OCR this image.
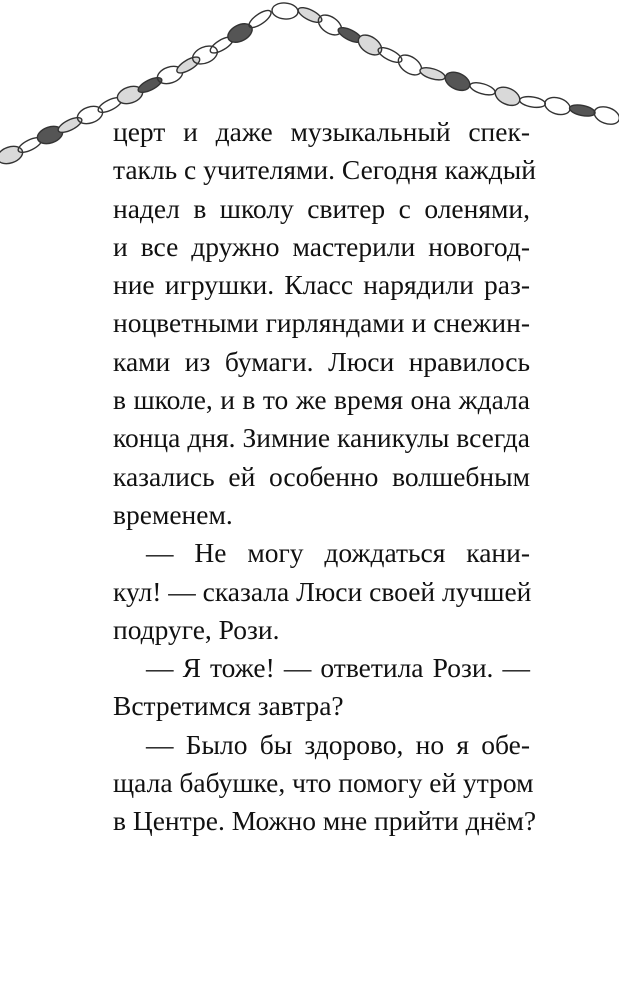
церт и даже музыкальный спек-
такль с учителями. Сегодня каждый
надел в школу свитер с оленями,
и все дружно мастерили новогод-
ние игрушки. Класс нарядили раз-
ноцветными гирляндами и снежин-
ками из бумаги. Люси нравилось
в школе, и в то же время она ждала
конца дня. Зимние каникулы всегда
казались ей особенно волшебным
временем.
— Не могу дождаться кани-
кул! — сказала Люси своей лучшей
подруге, Рози.
— Я тоже! — ответила Рози. —
Встретимся завтра?
— Было бы здорово, но я обе-
щала бабушке, что помогу ей утром
в Центре. Можно мне прийти днём?
